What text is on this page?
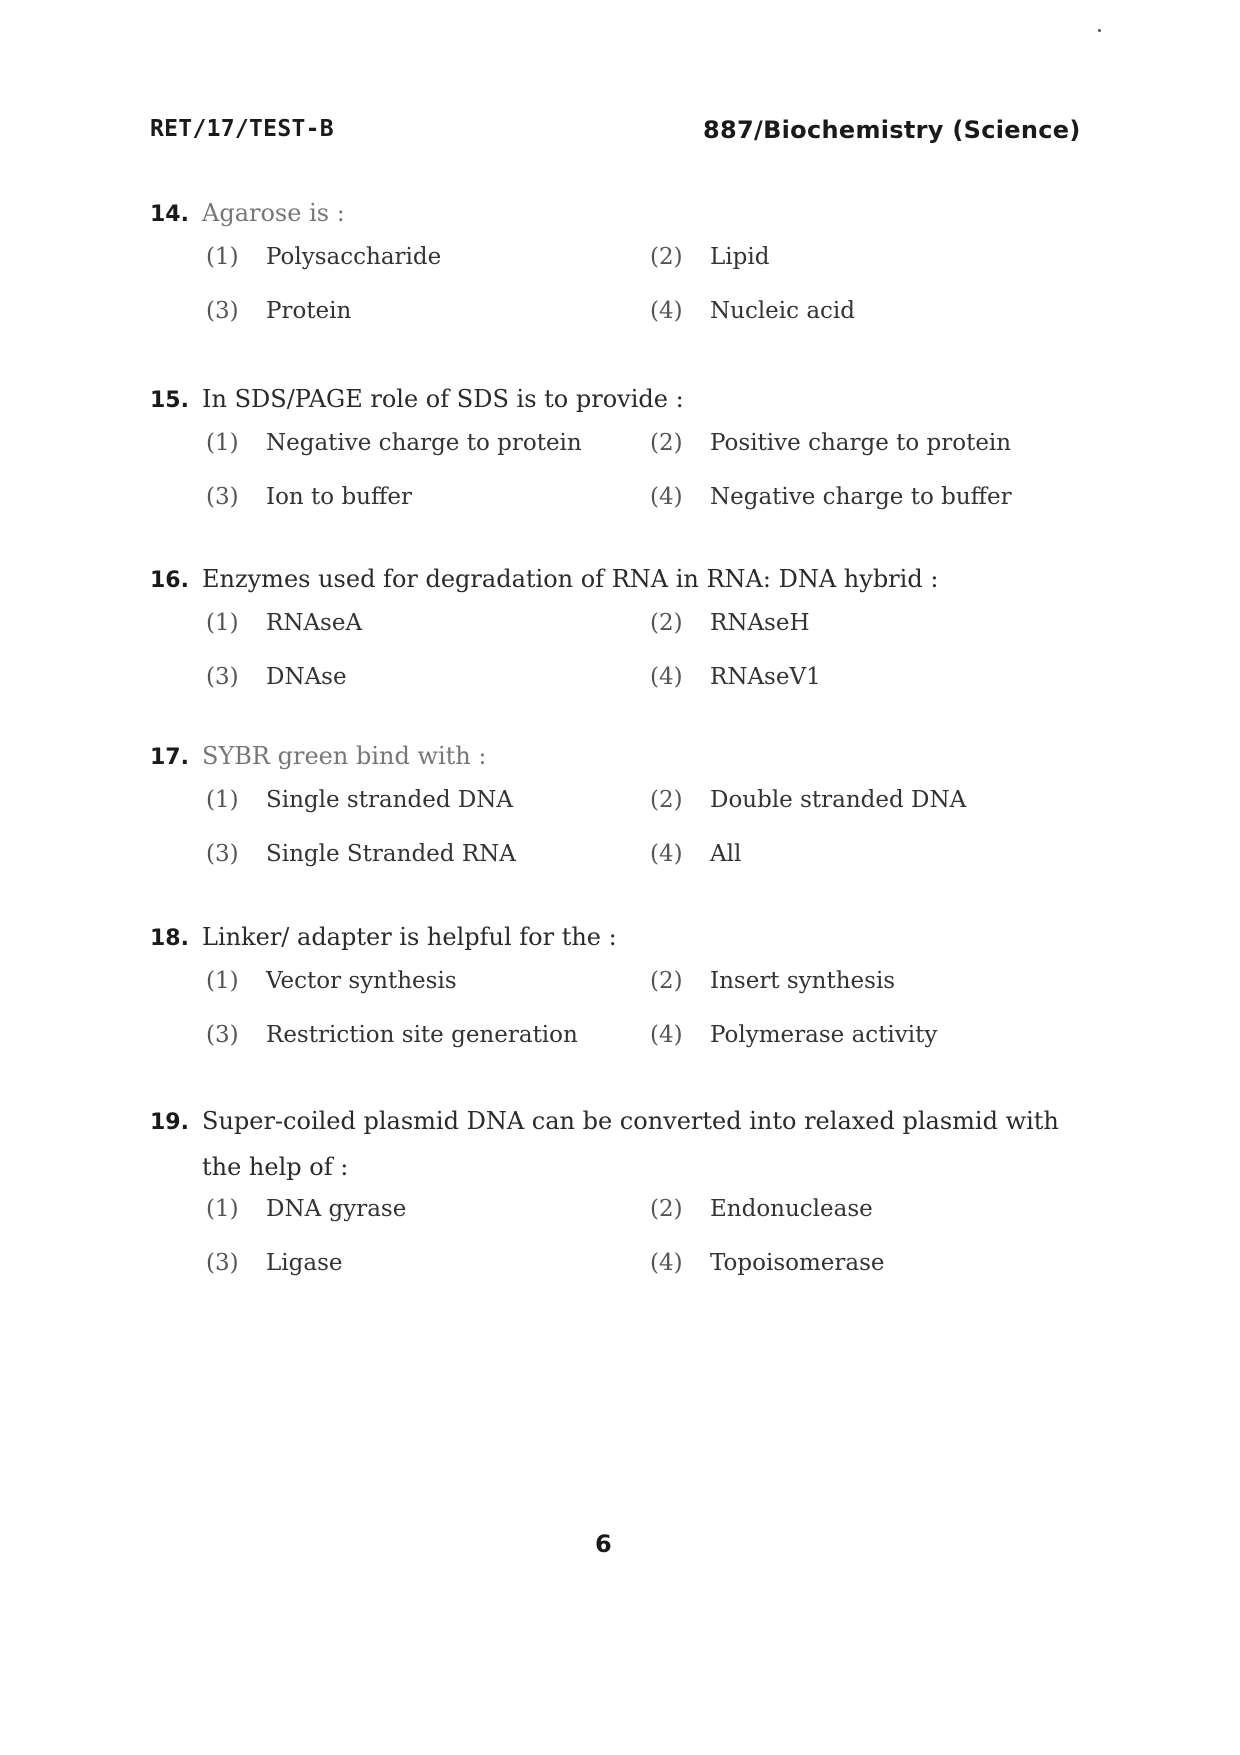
RET/17/TEST-B	887/Biochemistry (Science)
14. Agarose is :
(1)	Polysaccharide	(2)	Lipid
(3)	Protein	(4)	Nucleic acid
15. In SDS/PAGE role of SDS is to provide :
(1)	Negative charge to protein	(2)	Positive charge to protein
(3)	Ion to buffer	(4)	Negative charge to buffer
16. Enzymes used for degradation of RNA in RNA: DNA hybrid :
(1)	RNAseA	(2)	RNAseH
(3)	DNAse	(4)	RNAseV1
17. SYBR green bind with :
(1)	Single stranded DNA	(2)	Double stranded DNA
(3)	Single Stranded RNA	(4)	All
18. Linker/ adapter is helpful for the :
(1)	Vector synthesis	(2)	Insert synthesis
(3)	Restriction site generation	(4)	Polymerase activity
19. Super-coiled plasmid DNA can be converted into relaxed plasmid with the help of :
(1)	DNA gyrase	(2)	Endonuclease
(3)	Ligase	(4)	Topoisomerase
6
